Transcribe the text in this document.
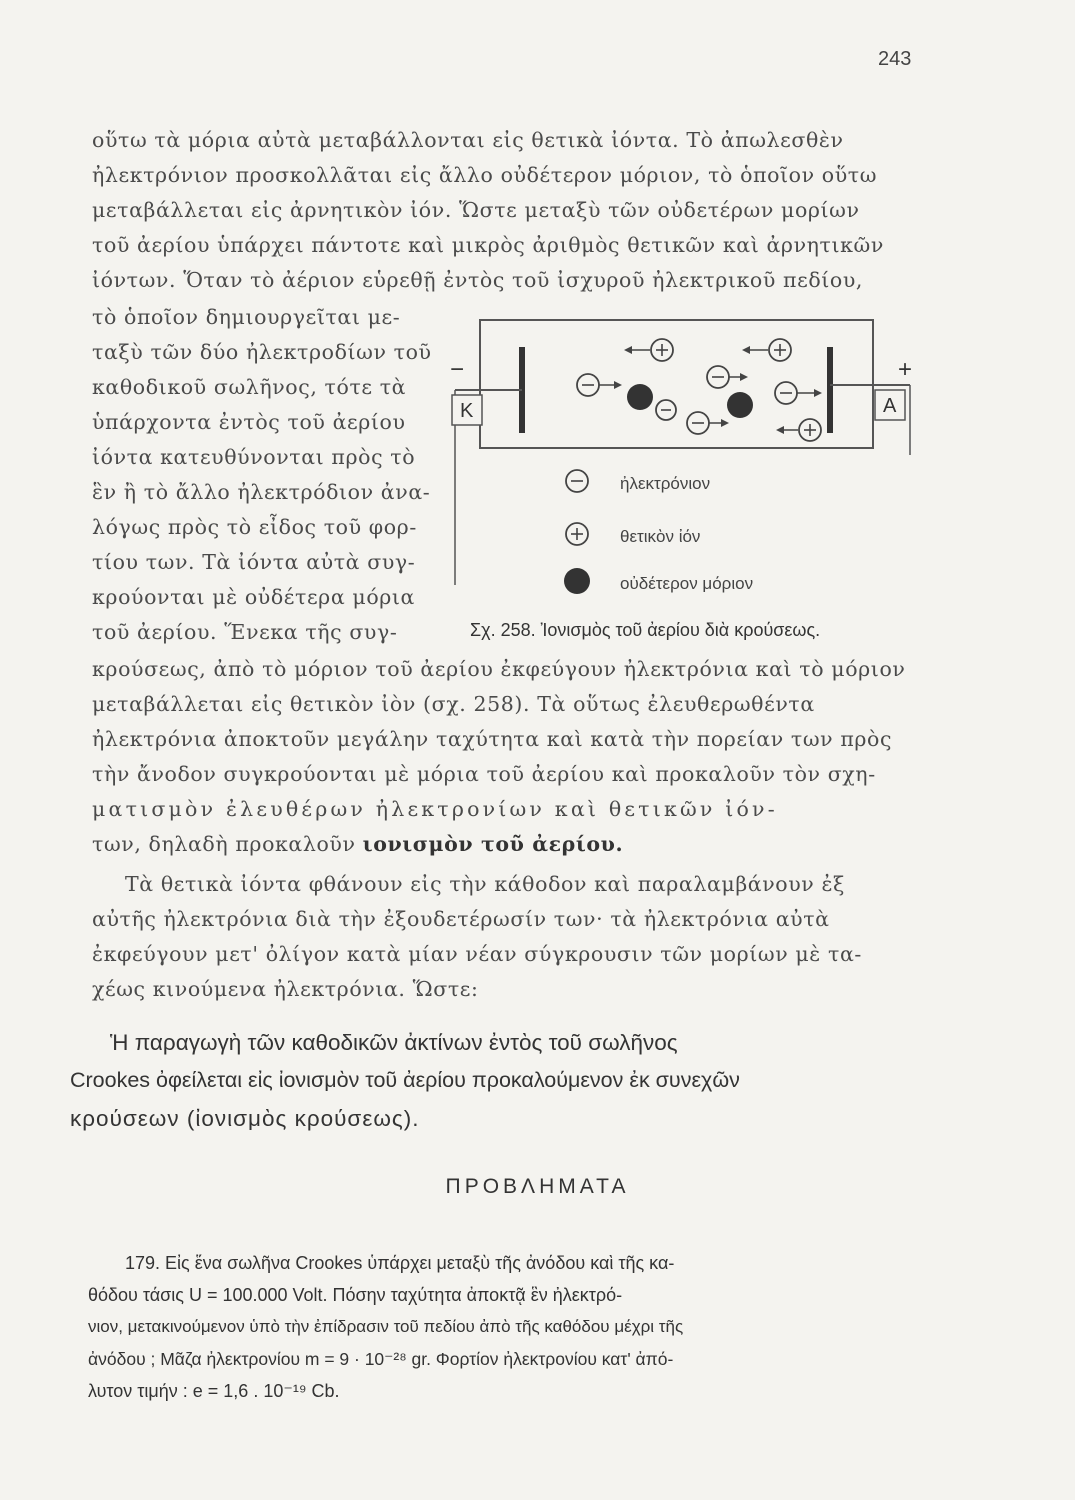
243
οὕτω τὰ μόρια αὐτὰ μεταβάλλονται εἰς θετικὰ ἰόντα. Τὸ ἀπωλεσθὲν
ἠλεκτρόνιον προσκολλᾶται εἰς ἄλλο οὐδέτερον μόριον, τὸ ὁποῖον οὕτω
μεταβάλλεται εἰς ἀρνητικὸν ἰόν. Ὥστε μεταξὺ τῶν οὐδετέρων μορίων
τοῦ ἀερίου ὑπάρχει πάντοτε καὶ μικρὸς ἀριθμὸς θετικῶν καὶ ἀρνητικῶν
ἰόντων. Ὅταν τὸ ἀέριον εὑρεθῇ ἐντὸς τοῦ ἰσχυροῦ ἠλεκτρικοῦ πεδίου,
τὸ ὁποῖον δημιουργεῖται με-
ταξὺ τῶν δύο ἠλεκτροδίων τοῦ
καθοδικοῦ σωλῆνος, τότε τὰ
ὑπάρχοντα ἐντὸς τοῦ ἀερίου
ἰόντα κατευθύνονται πρὸς τὸ
ἓν ἢ τὸ ἄλλο ἠλεκτρόδιον ἀνα-
λόγως πρὸς τὸ εἶδος τοῦ φορ-
τίου των. Τὰ ἰόντα αὐτὰ συγ-
κρούονται μὲ οὐδέτερα μόρια
τοῦ ἀερίου. Ἕνεκα τῆς συγ-
K	A
−	+
ἠλεκτρόνιον
θετικὸν ἰόν
οὐδέτερον μόριον
Σχ. 258. Ἰονισμὸς τοῦ ἀερίου διὰ κρούσεως.
κρούσεως, ἀπὸ τὸ μόριον τοῦ ἀερίου ἐκφεύγουν ἠλεκτρόνια καὶ τὸ μόριον
μεταβάλλεται εἰς θετικὸν ἰὸν (σχ. 258). Τὰ οὕτως ἐλευθερωθέντα
ἠλεκτρόνια ἀποκτοῦν μεγάλην ταχύτητα καὶ κατὰ τὴν πορείαν των πρὸς
τὴν ἄνοδον συγκρούονται μὲ μόρια τοῦ ἀερίου καὶ προκαλοῦν τὸν σχη-
ματισμὸν ἐλευθέρων ἠλεκτρονίων καὶ θετικῶν ἰόν-
των, δηλαδὴ προκαλοῦν ιονισμὸν τοῦ ἀερίου.
Τὰ θετικὰ ἰόντα φθάνουν εἰς τὴν κάθοδον καὶ παραλαμβάνουν ἐξ
αὐτῆς ἠλεκτρόνια διὰ τὴν ἐξουδετέρωσίν των· τὰ ἠλεκτρόνια αὐτὰ
ἐκφεύγουν μετ' ὀλίγον κατὰ μίαν νέαν σύγκρουσιν τῶν μορίων μὲ τα-
χέως κινούμενα ἠλεκτρόνια. Ὥστε:
Ἡ παραγωγὴ τῶν καθοδικῶν ἀκτίνων ἐντὸς τοῦ σωλῆνος
Crookes ὀφείλεται εἰς ἰονισμὸν τοῦ ἀερίου προκαλούμενον ἐκ συνεχῶν
κρούσεων (ἰονισμὸς κρούσεως).
ΠΡΟΒΛΗΜΑΤΑ
179. Εἰς ἕνα σωλῆνα Crookes ὑπάρχει μεταξὺ τῆς ἀνόδου καὶ τῆς κα-
θόδου τάσις U = 100.000 Volt. Πόσην ταχύτητα ἀποκτᾷ ἓν ἠλεκτρό-
νιον, μετακινούμενον ὑπὸ τὴν ἐπίδρασιν τοῦ πεδίου ἀπὸ τῆς καθόδου μέχρι τῆς
ἀνόδου ; Μᾶζα ἠλεκτρονίου m = 9 · 10⁻²⁸ gr. Φορτίον ἠλεκτρονίου κατ' ἀπό-
λυτον τιμήν : e = 1,6 . 10⁻¹⁹ Cb.
